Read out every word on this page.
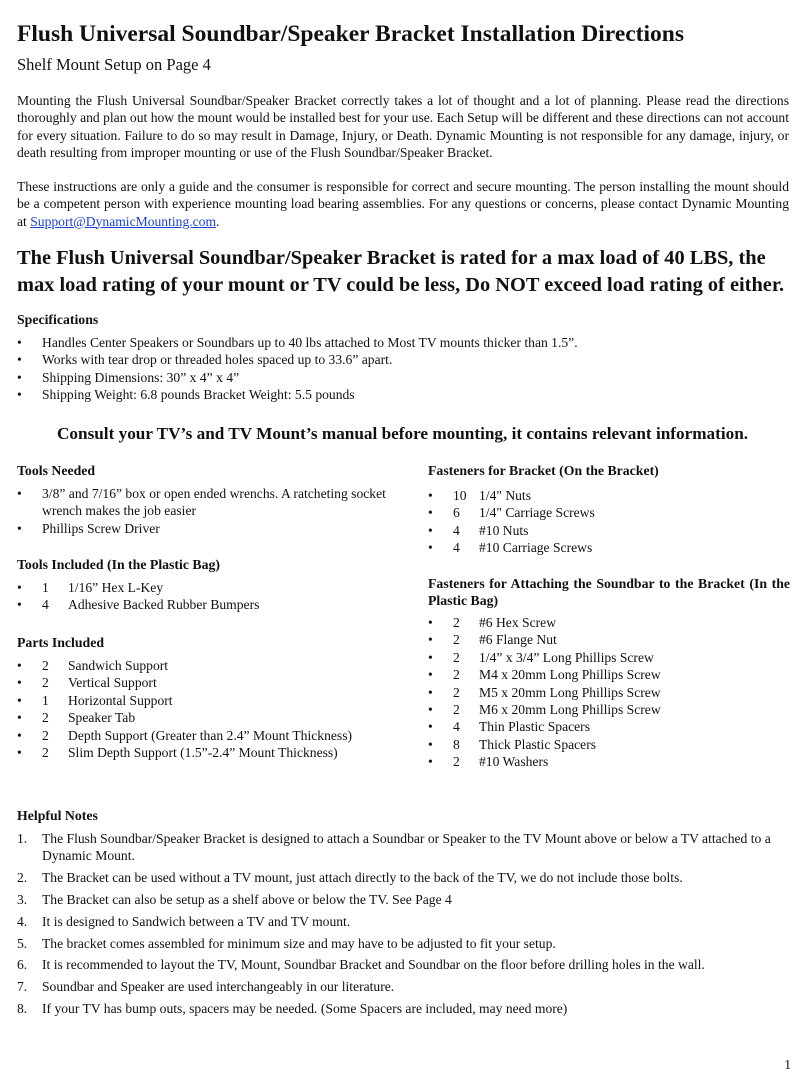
Flush Universal Soundbar/Speaker Bracket Installation Directions
Shelf Mount Setup on Page 4
Mounting the Flush Universal Soundbar/Speaker Bracket correctly takes a lot of thought and a lot of planning. Please read the directions thoroughly and plan out how the mount would be installed best for your use. Each Setup will be different and these directions can not account for every situation. Failure to do so may result in Damage, Injury, or Death. Dynamic Mounting is not responsible for any damage, injury, or death resulting from improper mounting or use of the Flush Soundbar/Speaker Bracket.
These instructions are only a guide and the consumer is responsible for correct and secure mounting. The person installing the mount should be a competent person with experience mounting load bearing assemblies. For any questions or concerns, please contact Dynamic Mounting at Support@DynamicMounting.com.
The Flush Universal Soundbar/Speaker Bracket is rated for a max load of 40 LBS, the max load rating of your mount or TV could be less, Do NOT exceed load rating of either.
Specifications
• Handles Center Speakers or Soundbars up to 40 lbs attached to Most TV mounts thicker than 1.5”.
• Works with tear drop or threaded holes spaced up to 33.6” apart.
• Shipping Dimensions: 30” x 4” x 4”
• Shipping Weight: 6.8 pounds Bracket Weight: 5.5 pounds
Consult your TV’s and TV Mount’s manual before mounting, it contains relevant information.
Tools Needed
• 3/8” and 7/16” box or open ended wrenchs. A ratcheting socket wrench makes the job easier
• Phillips Screw Driver
Tools Included (In the Plastic Bag)
• 1 1/16” Hex L-Key
• 4 Adhesive Backed Rubber Bumpers
Parts Included
• 2 Sandwich Support
• 2 Vertical Support
• 1 Horizontal Support
• 2 Speaker Tab
• 2 Depth Support (Greater than 2.4” Mount Thickness)
• 2 Slim Depth Support (1.5”-2.4” Mount Thickness)
Fasteners for Bracket (On the Bracket)
• 10 1/4" Nuts
• 6 1/4" Carriage Screws
• 4 #10 Nuts
• 4 #10 Carriage Screws
Fasteners for Attaching the Soundbar to the Bracket (In the Plastic Bag)
• 2 #6 Hex Screw
• 2 #6 Flange Nut
• 2 1/4” x 3/4” Long Phillips Screw
• 2 M4 x 20mm Long Phillips Screw
• 2 M5 x 20mm Long Phillips Screw
• 2 M6 x 20mm Long Phillips Screw
• 4 Thin Plastic Spacers
• 8 Thick Plastic Spacers
• 2 #10 Washers
Helpful Notes
1. The Flush Soundbar/Speaker Bracket is designed to attach a Soundbar or Speaker to the TV Mount above or below a TV attached to a Dynamic Mount.
2. The Bracket can be used without a TV mount, just attach directly to the back of the TV, we do not include those bolts.
3. The Bracket can also be setup as a shelf above or below the TV. See Page 4
4. It is designed to Sandwich between a TV and TV mount.
5. The bracket comes assembled for minimum size and may have to be adjusted to fit your setup.
6. It is recommended to layout the TV, Mount, Soundbar Bracket and Soundbar on the floor before drilling holes in the wall.
7. Soundbar and Speaker are used interchangeably in our literature.
8. If your TV has bump outs, spacers may be needed. (Some Spacers are included, may need more)
1
